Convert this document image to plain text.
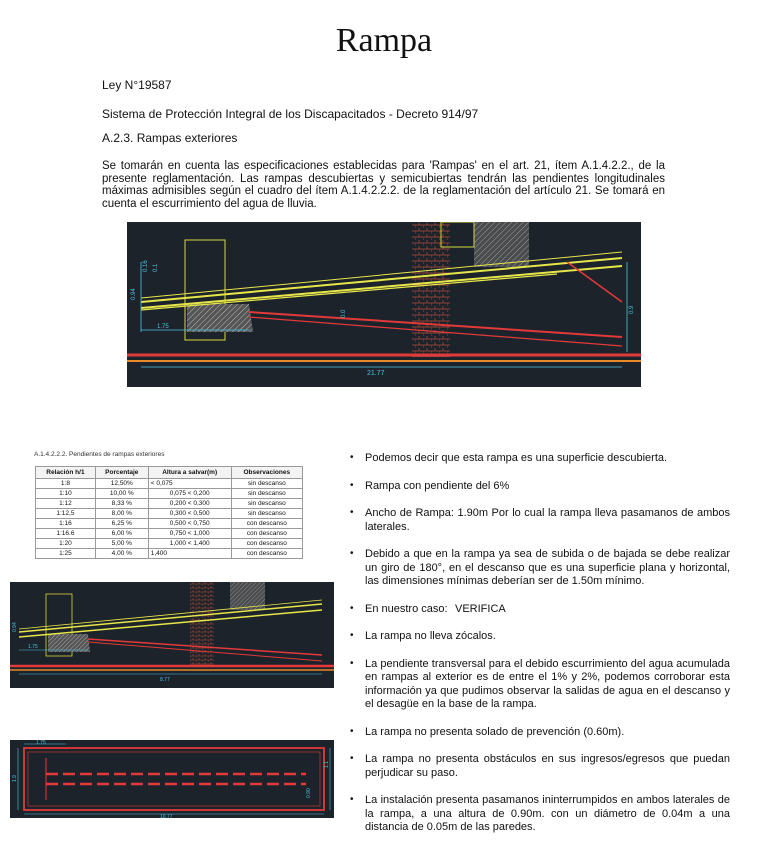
Rampa
Ley N°19587
Sistema de Protección Integral de los Discapacitados - Decreto 914/97
A.2.3. Rampas exteriores
Se tomarán en cuenta las especificaciones establecidas para 'Rampas' en el art. 21, ítem A.1.4.2.2., de la presente reglamentación. Las rampas descubiertas y semicubiertas tendrán las pendientes longitudinales máximas admisibles según el cuadro del ítem A.1.4.2.2.2. de la reglamentación del artículo 21. Se tomará en cuenta el escurrimiento del agua de lluvia.
21.77
1.75
0.94
0.16 0.1
0.0	0.9
A.1.4.2.2.2. Pendientes de rampas exteriores
Relación h/1	Porcentaje	Altura a salvar(m)	Observaciones
1:8	12,50%	< 0,075	sin descanso
1:10	10,00 %	0,075 < 0,200	sin descanso
1:12	8,33 %	0,200 < 0,300	sin descanso
1:12,5	8,00 %	0,300 < 0,500	sin descanso
1:16	6,25 %	0,500 < 0,750	con descanso
1:16.6	6,00 %	0,750 < 1,000	con descanso
1:20	5,00 %	1,000 < 1,400	con descanso
1:25	4,00 %	1,400	con descanso
8.77
1.75
0.94
1.75
10.77
1.9
0.90
1.1
• Podemos decir que esta rampa es una superficie descubierta.
• Rampa con pendiente del 6%
• Ancho de Rampa: 1.90m Por lo cual la rampa lleva pasamanos de ambos laterales.
• Debido a que en la rampa ya sea de subida o de bajada se debe realizar un giro de 180°, en el descanso que es una superficie plana y horizontal, las dimensiones mínimas deberían ser de 1.50m mínimo.
• En nuestro caso: VERIFICA
• La rampa no lleva zócalos.
• La pendiente transversal para el debido escurrimiento del agua acumulada en rampas al exterior es de entre el 1% y 2%, podemos corroborar esta información ya que pudimos observar la salidas de agua en el descanso y el desagüe en la base de la rampa.
• La rampa no presenta solado de prevención (0.60m).
• La rampa no presenta obstáculos en sus ingresos/egresos que puedan perjudicar su paso.
• La instalación presenta pasamanos ininterrumpidos en ambos laterales de la rampa, a una altura de 0.90m. con un diámetro de 0.04m a una distancia de 0.05m de las paredes.
